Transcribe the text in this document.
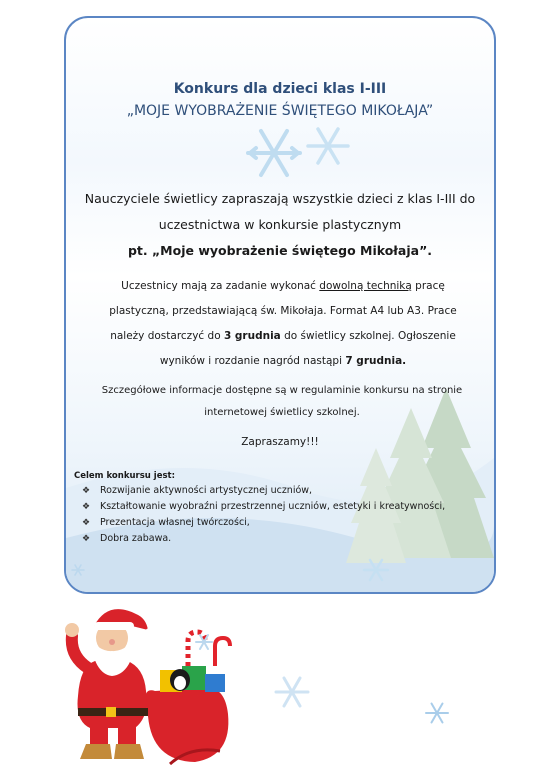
Konkurs dla dzieci klas I-III
„MOJE WYOBRAŻENIE ŚWIĘTEGO MIKOŁAJA”
Nauczyciele świetlicy zapraszają wszystkie dzieci z klas I-III do
uczestnictwa w konkursie plastycznym
pt. „Moje wyobrażenie świętego Mikołaja”.
Uczestnicy mają za zadanie wykonać dowolną techniką pracę
plastyczną, przedstawiającą św. Mikołaja. Format A4 lub A3. Prace
należy dostarczyć do 3 grudnia do świetlicy szkolnej. Ogłoszenie
wyników i rozdanie nagród nastąpi 7 grudnia.
Szczegółowe informacje dostępne są w regulaminie konkursu na stronie
internetowej świetlicy szkolnej.
Zapraszamy!!!
Celem konkursu jest:
❖ Rozwijanie aktywności artystycznej uczniów,
❖ Kształtowanie wyobraźni przestrzennej uczniów, estetyki i kreatywności,
❖ Prezentacja własnej twórczości,
❖ Dobra zabawa.
